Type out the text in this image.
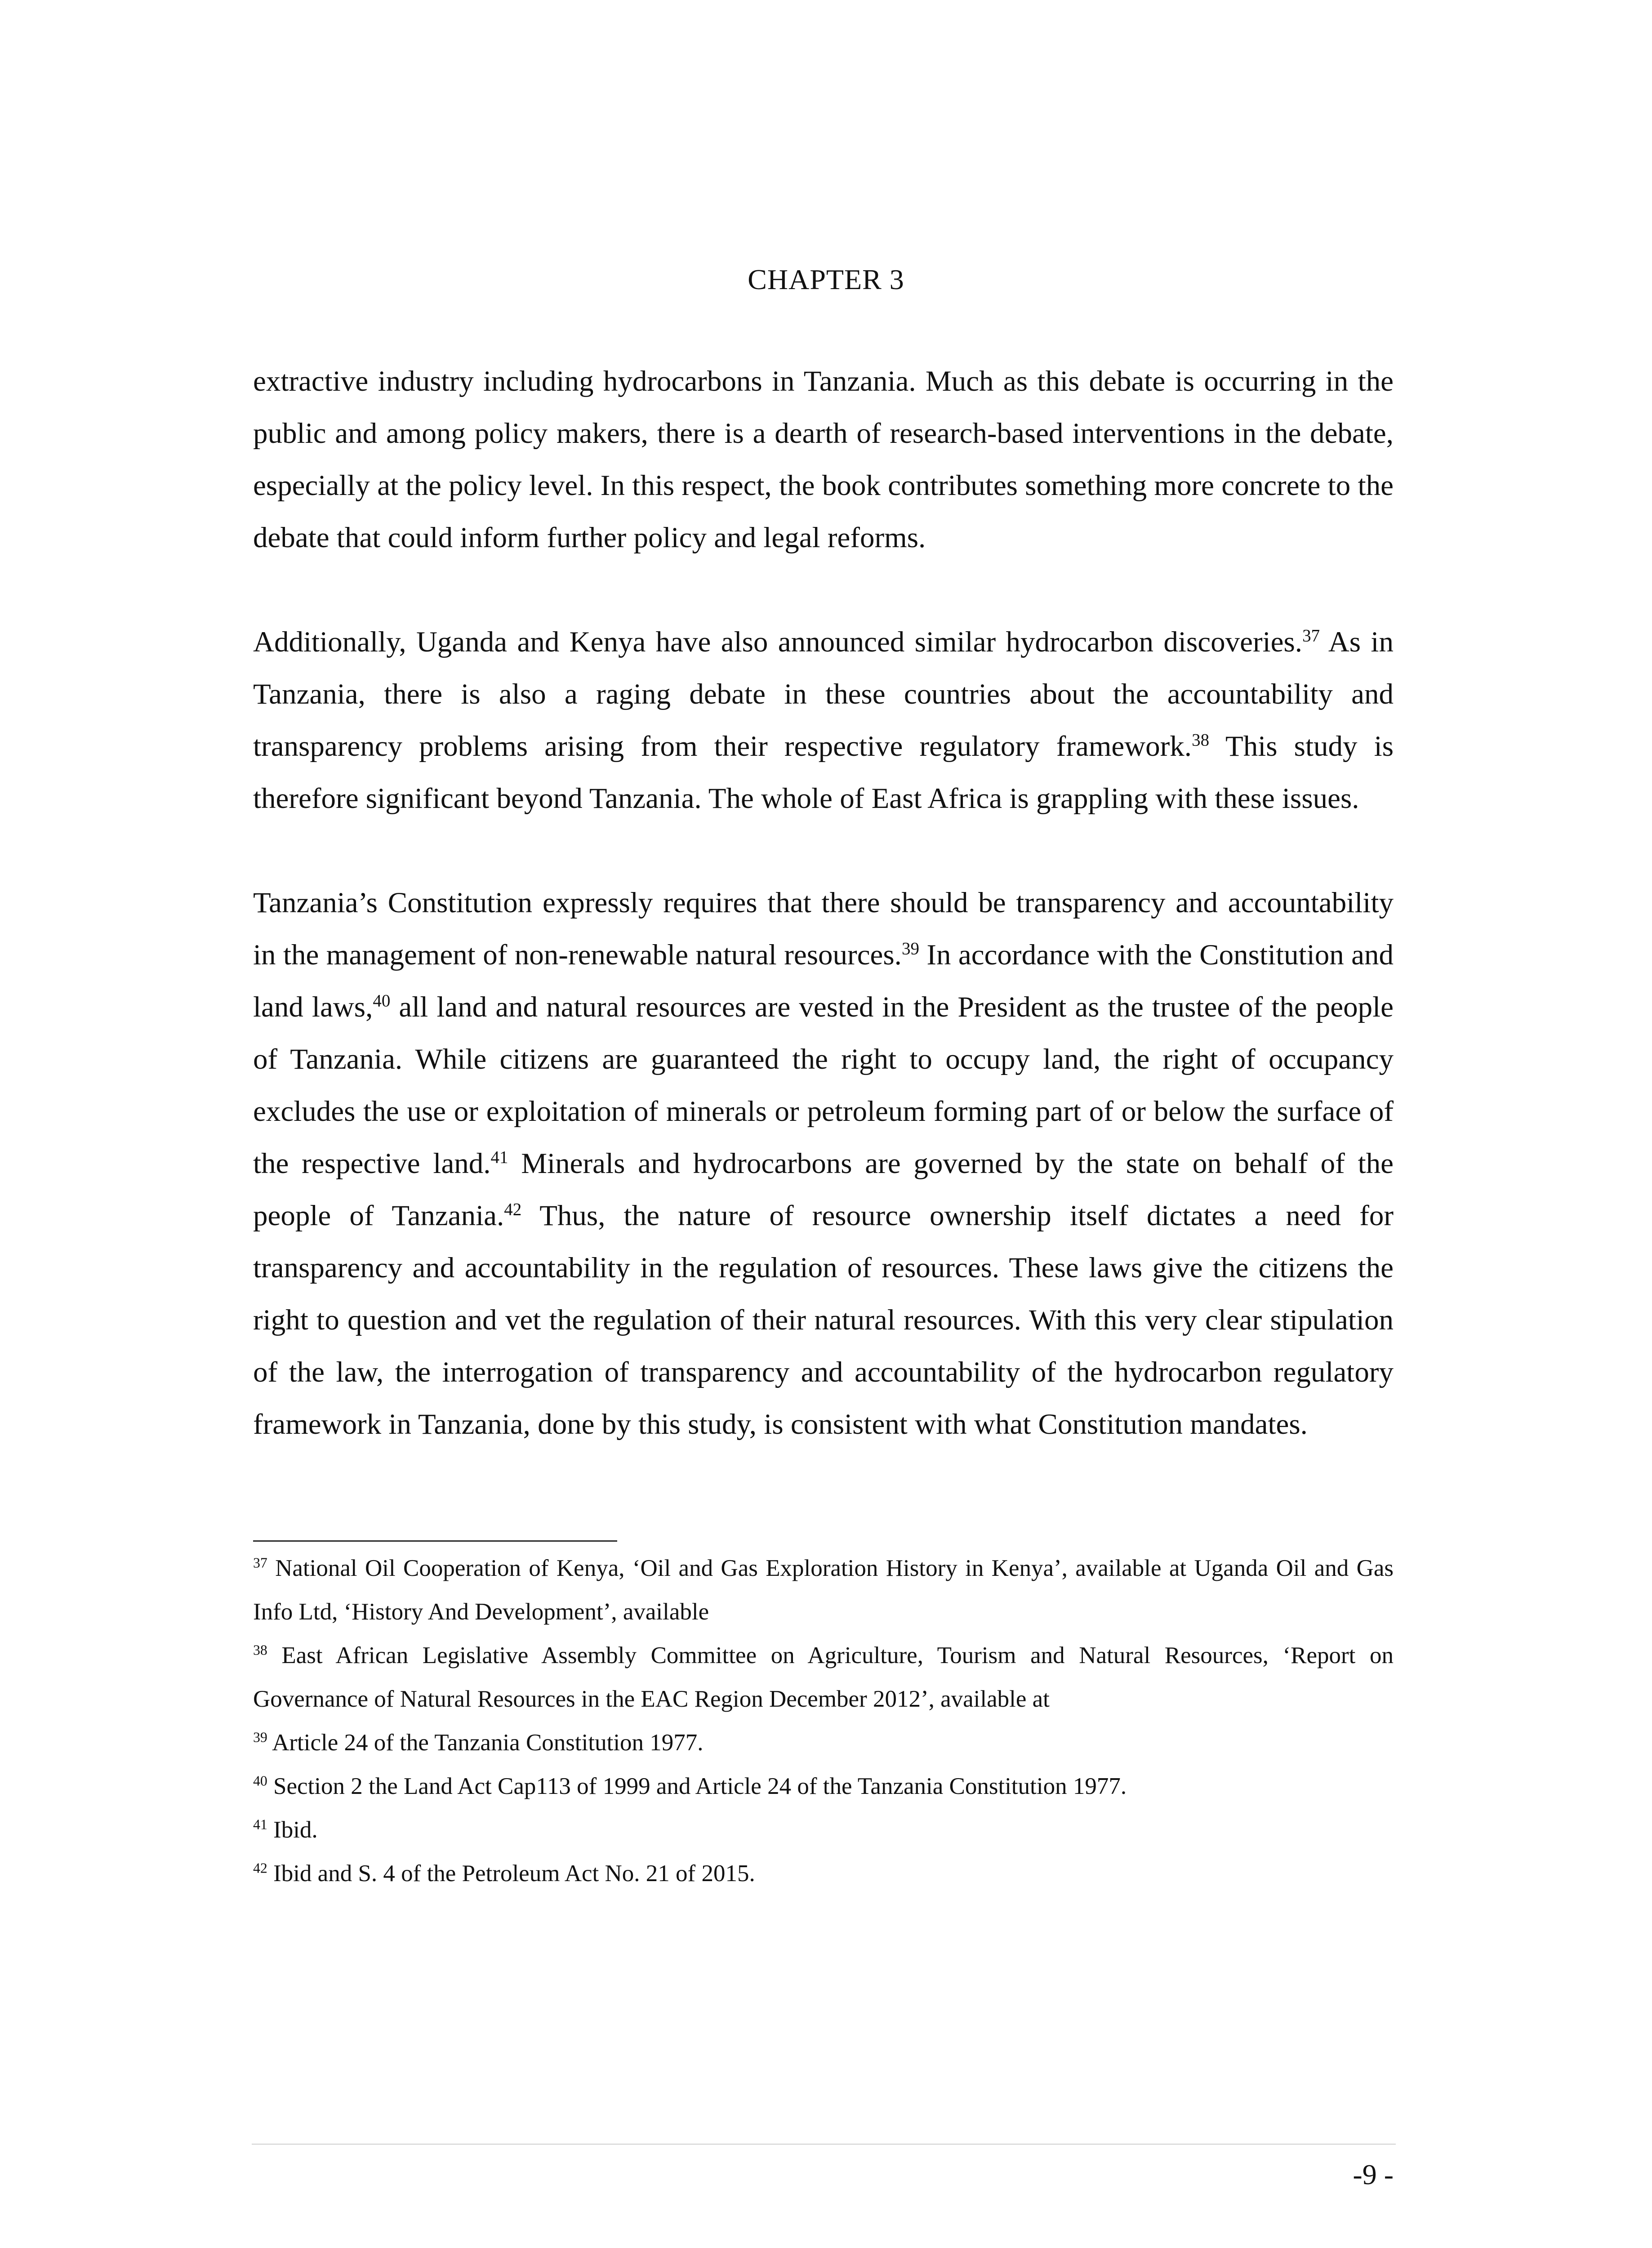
CHAPTER 3

extractive industry including hydrocarbons in Tanzania. Much as this debate is occurring in the public and among policy makers, there is a dearth of research-based interventions in the debate, especially at the policy level. In this respect, the book contributes something more concrete to the debate that could inform further policy and legal reforms.

Additionally, Uganda and Kenya have also announced similar hydrocarbon discoveries.$^{37}$ As in Tanzania, there is also a raging debate in these countries about the accountability and transparency problems arising from their respective regulatory framework.$^{38}$ This study is therefore significant beyond Tanzania. The whole of East Africa is grappling with these issues.

Tanzania’s Constitution expressly requires that there should be transparency and accountability in the management of non-renewable natural resources.$^{39}$ In accordance with the Constitution and land laws,$^{40}$ all land and natural resources are vested in the President as the trustee of the people of Tanzania. While citizens are guaranteed the right to occupy land, the right of occupancy excludes the use or exploitation of minerals or petroleum forming part of or below the surface of the respective land.$^{41}$ Minerals and hydrocarbons are governed by the state on behalf of the people of Tanzania.$^{42}$ Thus, the nature of resource ownership itself dictates a need for transparency and accountability in the regulation of resources. These laws give the citizens the right to question and vet the regulation of their natural resources. With this very clear stipulation of the law, the interrogation of transparency and accountability of the hydrocarbon regulatory framework in Tanzania, done by this study, is consistent with what Constitution mandates.

$^{37}$ National Oil Cooperation of Kenya, ‘Oil and Gas Exploration History in Kenya’, available at Uganda Oil and Gas Info Ltd, ‘History And Development’, available

$^{38}$ East African Legislative Assembly Committee on Agriculture, Tourism and Natural Resources, ‘Report on Governance of Natural Resources in the EAC Region December 2012’, available at

$^{39}$ Article 24 of the Tanzania Constitution 1977.

$^{40}$ Section 2 the Land Act Cap113 of 1999 and Article 24 of the Tanzania Constitution 1977.

$^{41}$ Ibid.

$^{42}$ Ibid and S. 4 of the Petroleum Act No. 21 of 2015.

-9 -
